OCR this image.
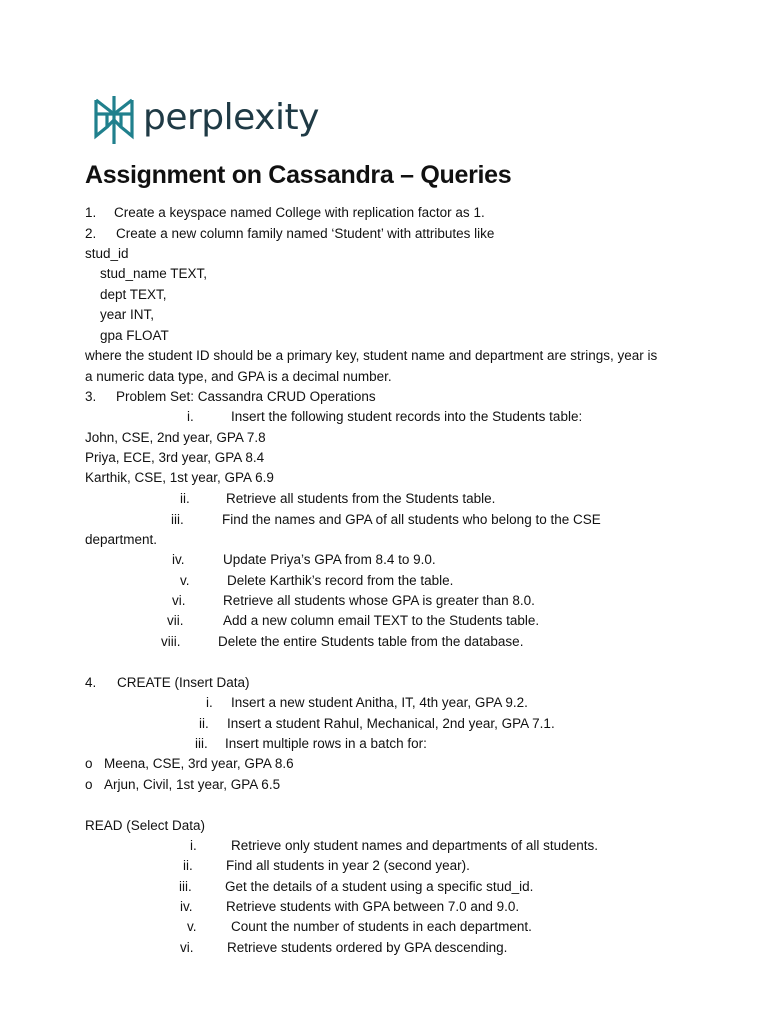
perplexity
Assignment on Cassandra – Queries
1. Create a keyspace named College with replication factor as 1.
2. Create a new column family named ‘Student’ with attributes like
stud_id
stud_name TEXT,
dept TEXT,
year INT,
gpa FLOAT
where the student ID should be a primary key, student name and department are strings, year is
a numeric data type, and GPA is a decimal number.
3. Problem Set: Cassandra CRUD Operations
i.	Insert the following student records into the Students table:
John, CSE, 2nd year, GPA 7.8
Priya, ECE, 3rd year, GPA 8.4
Karthik, CSE, 1st year, GPA 6.9
ii.	Retrieve all students from the Students table.
iii.	Find the names and GPA of all students who belong to the CSE
department.
iv.	Update Priya’s GPA from 8.4 to 9.0.
v.	Delete Karthik’s record from the table.
vi.	Retrieve all students whose GPA is greater than 8.0.
vii.	Add a new column email TEXT to the Students table.
viii.	Delete the entire Students table from the database.
4. CREATE (Insert Data)
i. Insert a new student Anitha, IT, 4th year, GPA 9.2.
ii. Insert a student Rahul, Mechanical, 2nd year, GPA 7.1.
iii. Insert multiple rows in a batch for:
o Meena, CSE, 3rd year, GPA 8.6
o Arjun, Civil, 1st year, GPA 6.5
READ (Select Data)
i.	Retrieve only student names and departments of all students.
ii. Find all students in year 2 (second year).
iii. Get the details of a student using a specific stud_id.
iv. Retrieve students with GPA between 7.0 and 9.0.
v.	Count the number of students in each department.
vi. Retrieve students ordered by GPA descending.
